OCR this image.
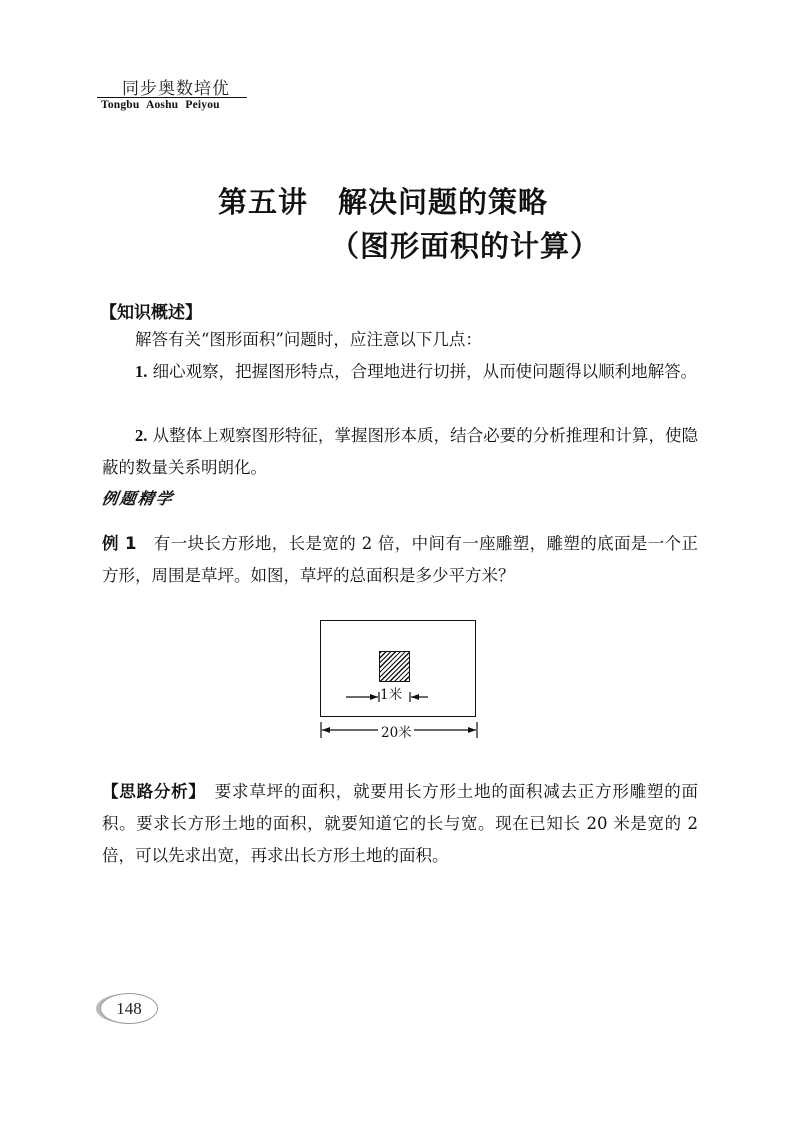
同步奥数培优
Tongbu Aoshu Peiyou
第五讲　解决问题的策略
（图形面积的计算）
【知识概述】
解答有关“图形面积”问题时，应注意以下几点：
1. 细心观察，把握图形特点，合理地进行切拼，从而使问题得以顺利地解答。
2. 从整体上观察图形特征，掌握图形本质，结合必要的分析推理和计算，使隐蔽的数量关系明朗化。
例题精学
例 1　有一块长方形地，长是宽的 2 倍，中间有一座雕塑，雕塑的底面是一个正方形，周围是草坪。如图，草坪的总面积是多少平方米？
1米
20米
【思路分析】　要求草坪的面积，就要用长方形土地的面积减去正方形雕塑的面积。要求长方形土地的面积，就要知道它的长与宽。现在已知长 20 米是宽的 2 倍，可以先求出宽，再求出长方形土地的面积。
148
